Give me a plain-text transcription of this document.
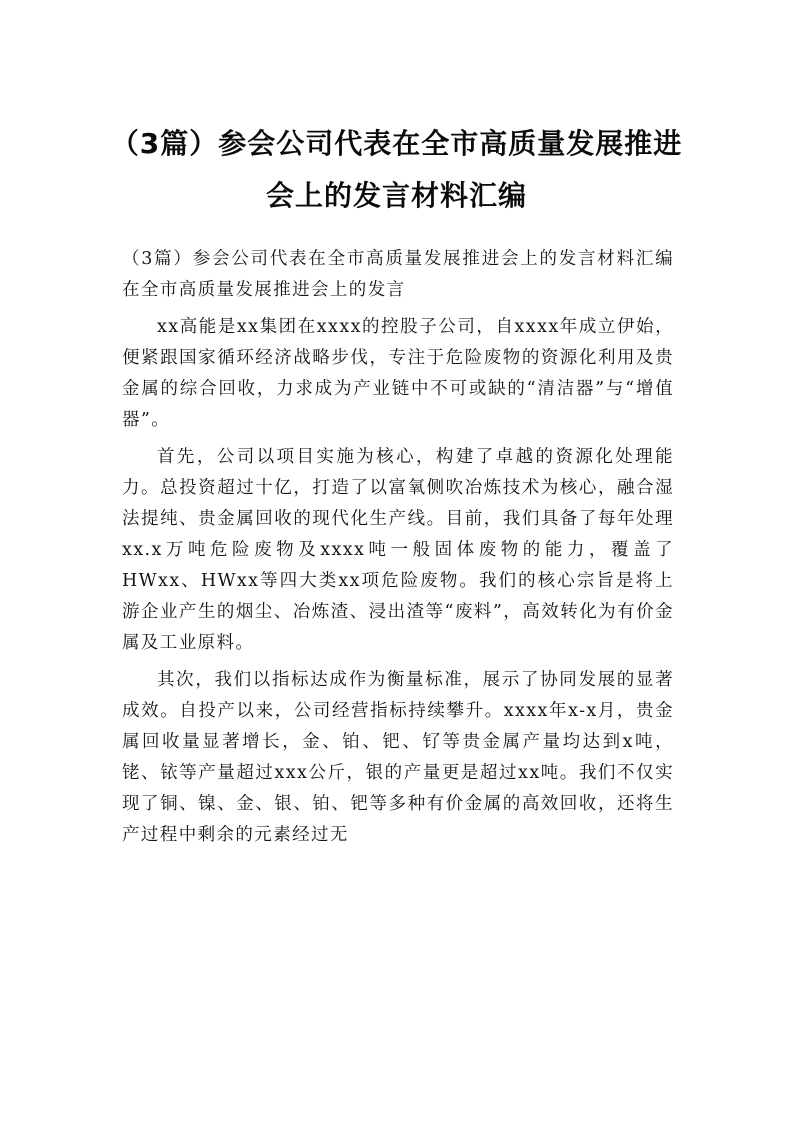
（3篇）参会公司代表在全市高质量发展推进会上的发言材料汇编

（3篇）参会公司代表在全市高质量发展推进会上的发言材料汇编在全市高质量发展推进会上的发言

xx高能是xx集团在xxxx的控股子公司，自xxxx年成立伊始，便紧跟国家循环经济战略步伐，专注于危险废物的资源化利用及贵金属的综合回收，力求成为产业链中不可或缺的“清洁器”与“增值器”。

首先，公司以项目实施为核心，构建了卓越的资源化处理能力。总投资超过十亿，打造了以富氧侧吹冶炼技术为核心，融合湿法提纯、贵金属回收的现代化生产线。目前，我们具备了每年处理xx.x万吨危险废物及xxxx吨一般固体废物的能力，覆盖了HWxx、HWxx等四大类xx项危险废物。我们的核心宗旨是将上游企业产生的烟尘、冶炼渣、浸出渣等“废料”，高效转化为有价金属及工业原料。

其次，我们以指标达成作为衡量标准，展示了协同发展的显著成效。自投产以来，公司经营指标持续攀升。xxxx年x-x月，贵金属回收量显著增长，金、铂、钯、钌等贵金属产量均达到x吨，铑、铱等产量超过xxx公斤，银的产量更是超过xx吨。我们不仅实现了铜、镍、金、银、铂、钯等多种有价金属的高效回收，还将生产过程中剩余的元素经过无
